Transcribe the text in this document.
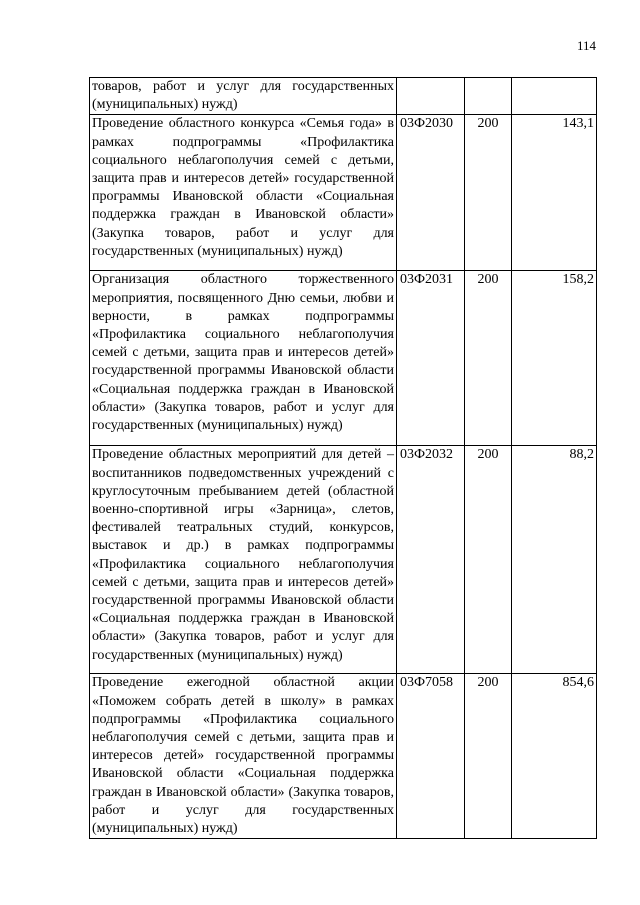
114
товаров, работ и услуг для государственных (муниципальных) нужд)			
Проведение областного конкурса «Семья года» в рамках подпрограммы «Профилактика социального неблагополучия семей с детьми, защита прав и интересов детей» государственной программы Ивановской области «Социальная поддержка граждан в Ивановской области» (Закупка товаров, работ и услуг для государственных (муниципальных) нужд)	03Ф2030	200	143,1
Организация областного торжественного мероприятия, посвященного Дню семьи, любви и верности, в рамках подпрограммы «Профилактика социального неблагополучия семей с детьми, защита прав и интересов детей» государственной программы Ивановской области «Социальная поддержка граждан в Ивановской области» (Закупка товаров, работ и услуг для государственных (муниципальных) нужд)	03Ф2031	200	158,2
Проведение областных мероприятий для детей – воспитанников подведомственных учреждений с круглосуточным пребыванием детей (областной военно-спортивной игры «Зарница», слетов, фестивалей театральных студий, конкурсов, выставок и др.) в рамках подпрограммы «Профилактика социального неблагополучия семей с детьми, защита прав и интересов детей» государственной программы Ивановской области «Социальная поддержка граждан в Ивановской области» (Закупка товаров, работ и услуг для государственных (муниципальных) нужд)	03Ф2032	200	88,2
Проведение ежегодной областной акции «Поможем собрать детей в школу» в рамках подпрограммы «Профилактика социального неблагополучия семей с детьми, защита прав и интересов детей» государственной программы Ивановской области «Социальная поддержка граждан в Ивановской области» (Закупка товаров, работ и услуг для государственных (муниципальных) нужд)	03Ф7058	200	854,6
